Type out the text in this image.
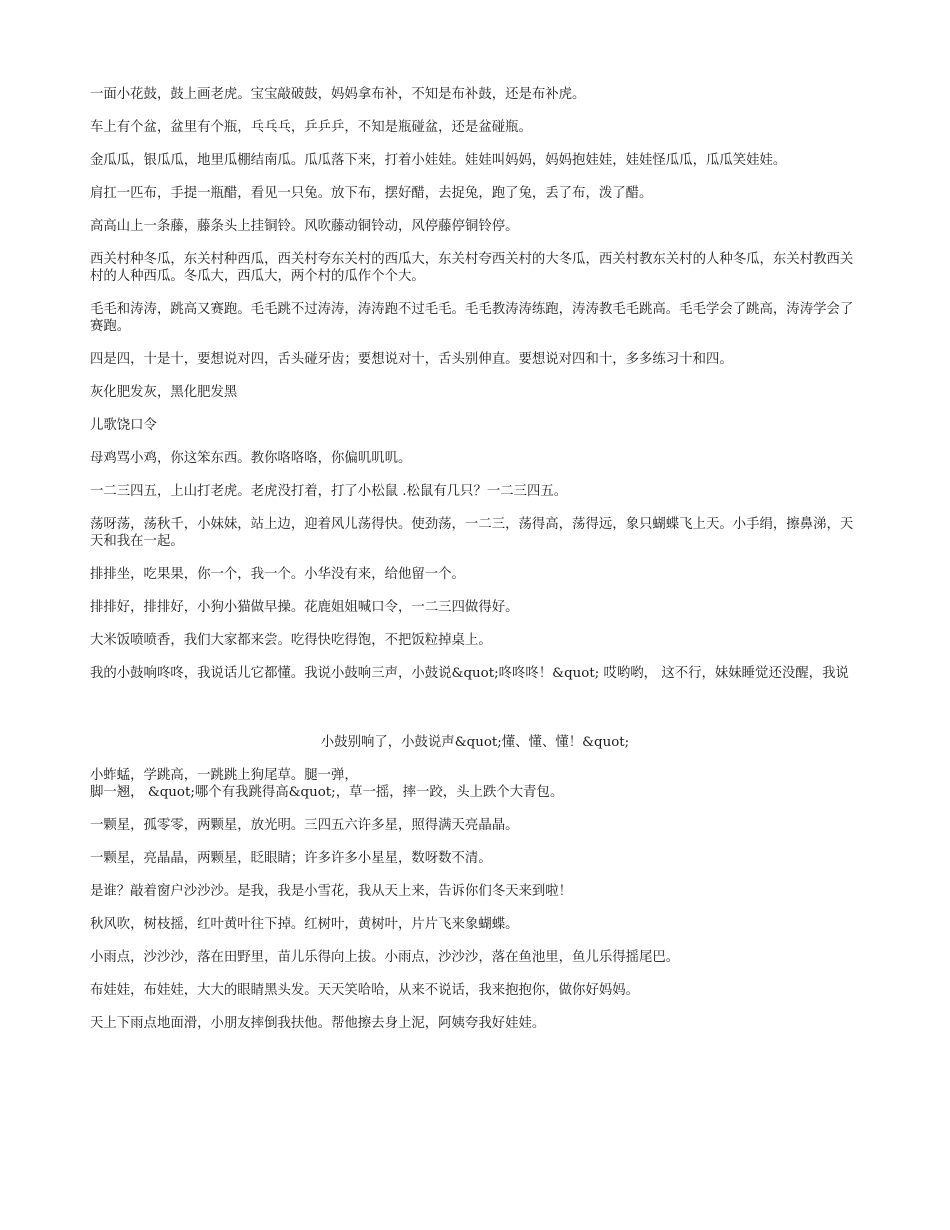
一面小花鼓，鼓上画老虎。宝宝敲破鼓，妈妈拿布补，不知是布补鼓，还是布补虎。

车上有个盆，盆里有个瓶，乓乓乓，乒乒乒，不知是瓶碰盆，还是盆碰瓶。

金瓜瓜，银瓜瓜，地里瓜棚结南瓜。瓜瓜落下来，打着小娃娃。娃娃叫妈妈，妈妈抱娃娃，娃娃怪瓜瓜，瓜瓜笑娃娃。

肩扛一匹布，手提一瓶醋，看见一只兔。放下布，摆好醋，去捉兔，跑了兔，丢了布，泼了醋。

高高山上一条藤，藤条头上挂铜铃。风吹藤动铜铃动，风停藤停铜铃停。

西关村种冬瓜，东关村种西瓜，西关村夸东关村的西瓜大，东关村夸西关村的大冬瓜，西关村教东关村的人种冬瓜，东关村教西关村的人种西瓜。冬瓜大，西瓜大，两个村的瓜作个个大。

毛毛和涛涛，跳高又赛跑。毛毛跳不过涛涛，涛涛跑不过毛毛。毛毛教涛涛练跑，涛涛教毛毛跳高。毛毛学会了跳高，涛涛学会了赛跑。

四是四，十是十，要想说对四，舌头碰牙齿；要想说对十，舌头别伸直。要想说对四和十，多多练习十和四。

灰化肥发灰，黑化肥发黑

儿歌饶口令

母鸡骂小鸡，你这笨东西。教你咯咯咯，你偏叽叽叽。

一二三四五，上山打老虎。老虎没打着，打了小松鼠 .松鼠有几只？一二三四五。

荡呀荡，荡秋千，小妹妹，站上边，迎着风儿荡得快。使劲荡，一二三，荡得高，荡得远，象只蝴蝶飞上天。小手绢，擦鼻涕，天天和我在一起。

排排坐，吃果果，你一个，我一个。小华没有来，给他留一个。

排排好，排排好，小狗小猫做早操。花鹿姐姐喊口令，一二三四做得好。

大米饭喷喷香，我们大家都来尝。吃得快吃得饱，不把饭粒掉桌上。

我的小鼓响咚咚，我说话儿它都懂。我说小鼓响三声，小鼓说&quot;咚咚咚！&quot; 哎哟哟， 这不行，妹妹睡觉还没醒，我说

小鼓别响了，小鼓说声&quot;懂、懂、懂！&quot;

小蚱蜢，学跳高，一跳跳上狗尾草。腿一弹，
脚一翘， &quot;哪个有我跳得高&quot;，草一摇，摔一跤，头上跌个大青包。

一颗星，孤零零，两颗星，放光明。三四五六许多星，照得满天亮晶晶。

一颗星，亮晶晶，两颗星，眨眼睛；许多许多小星星，数呀数不清。

是谁？敲着窗户沙沙沙。是我，我是小雪花，我从天上来，告诉你们冬天来到啦！

秋风吹，树枝摇，红叶黄叶往下掉。红树叶，黄树叶，片片飞来象蝴蝶。

小雨点，沙沙沙，落在田野里，苗儿乐得向上拔。小雨点，沙沙沙，落在鱼池里，鱼儿乐得摇尾巴。

布娃娃，布娃娃，大大的眼睛黑头发。天天笑哈哈，从来不说话，我来抱抱你，做你好妈妈。

天上下雨点地面滑，小朋友摔倒我扶他。帮他擦去身上泥，阿姨夸我好娃娃。
